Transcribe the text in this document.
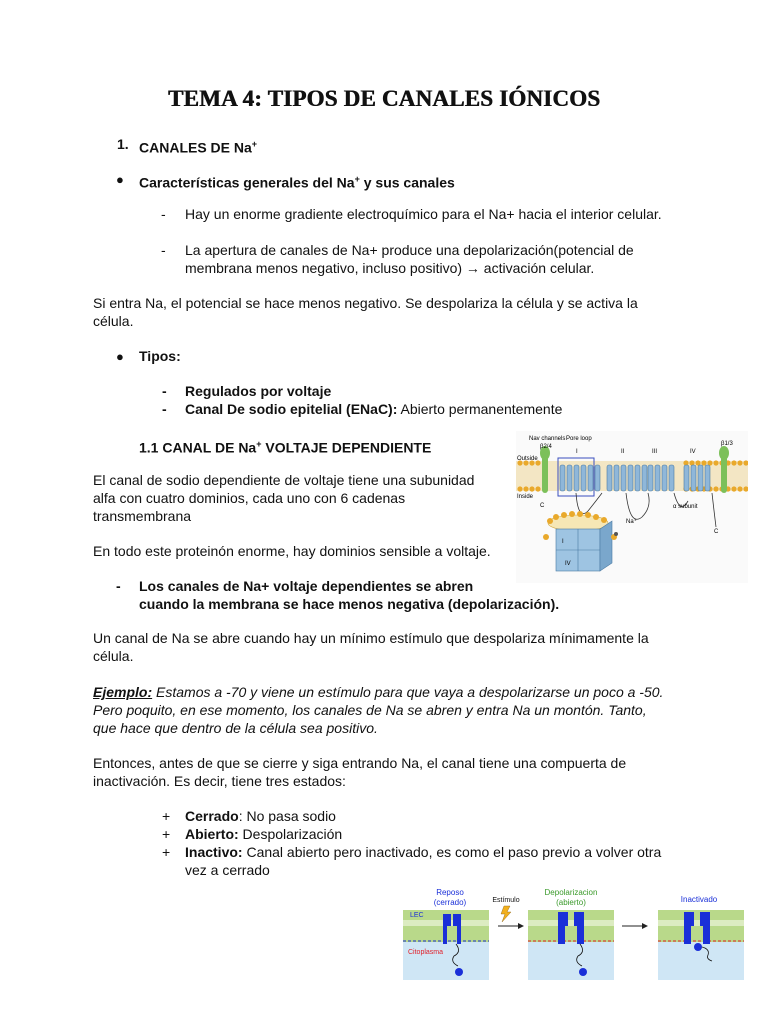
TEMA 4: TIPOS DE CANALES IÓNICOS
1. CANALES DE Na+
● Características generales del Na+ y sus canales
- Hay un enorme gradiente electroquímico para el Na+ hacia el interior celular.
- La apertura de canales de Na+ produce una depolarización(potencial de
membrana menos negativo, incluso positivo) → activación celular.
Si entra Na, el potencial se hace menos negativo. Se despolariza la célula y se activa la
célula.
● Tipos:
- Regulados por voltaje
- Canal De sodio epitelial (ENaC): Abierto permanentemente
1.1 CANAL DE Na+ VOLTAJE DEPENDIENTE
El canal de sodio dependiente de voltaje tiene una subunidad
alfa con cuatro dominios, cada uno con 6 cadenas
transmembrana
En todo este proteinón enorme, hay dominios sensible a voltaje.
- Los canales de Na+ voltaje dependientes se abren
cuando la membrana se hace menos negativa (depolarización).
Un canal de Na se abre cuando hay un mínimo estímulo que despolariza mínimamente la
célula.
Ejemplo: Estamos a -70 y viene un estímulo para que vaya a despolarizarse un poco a -50.
Pero poquito, en ese momento, los canales de Na se abren y entra Na un montón. Tanto,
que hace que dentro de la célula sea positivo.
Entonces, antes de que se cierre y siga entrando Na, el canal tiene una compuerta de
inactivación. Es decir, tiene tres estados:
+ Cerrado: No pasa sodio
+ Abierto: Despolarización
+ Inactivo: Canal abierto pero inactivado, es como el paso previo a volver otra
vez a cerrado
Nav channels Pore loop
β2/4	β1/3
Outside
Inside
I	II	III	IV
α subunit
Na⁺
I
IV
C
C
Reposo
(cerrado)	Estímulo
Depolarizacion
(abierto)	Inactivado
LEC
Citoplasma
